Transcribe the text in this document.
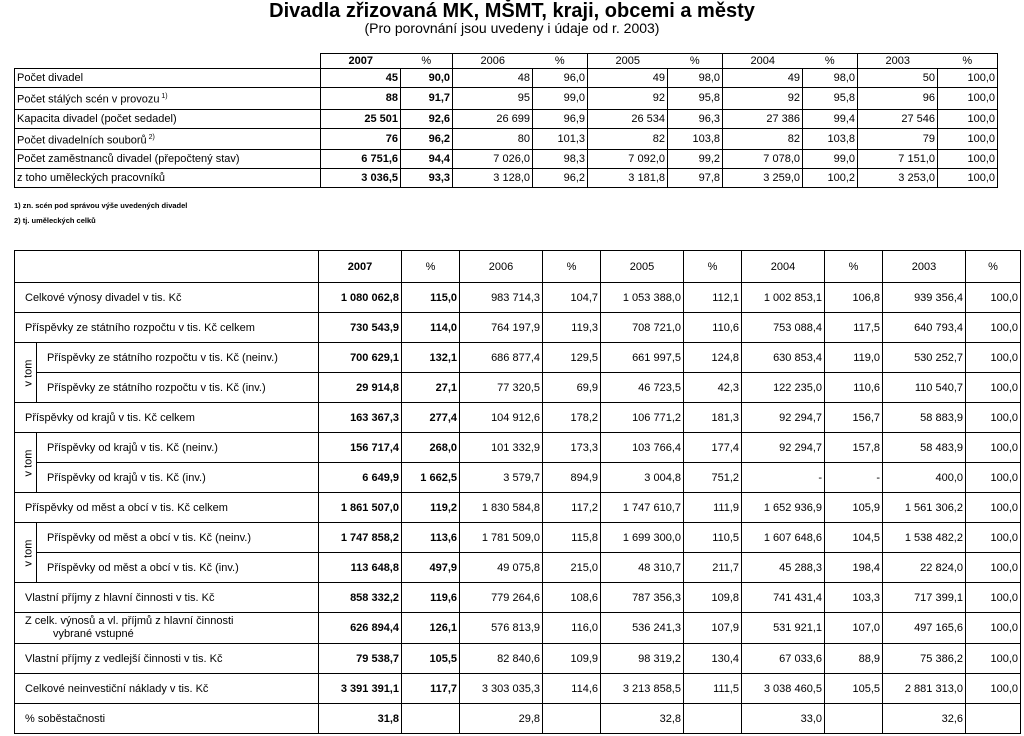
Divadla zřizovaná MK, MŠMT, kraji, obcemi a městy
(Pro porovnání jsou uvedeny i údaje od r. 2003)
	2007	%	2006	%	2005	%	2004	%	2003	%
Počet divadel	45	90,0	48	96,0	49	98,0	49	98,0	50	100,0
Počet stálých scén v provozu $^{1)}$	88	91,7	95	99,0	92	95,8	92	95,8	96	100,0
Kapacita divadel (počet sedadel)	25 501	92,6	26 699	96,9	26 534	96,3	27 386	99,4	27 546	100,0
Počet divadelních souborů $^{2)}$	76	96,2	80	101,3	82	103,8	82	103,8	79	100,0
Počet zaměstnanců divadel (přepočtený stav)	6 751,6	94,4	7 026,0	98,3	7 092,0	99,2	7 078,0	99,0	7 151,0	100,0
z toho uměleckých pracovníků	3 036,5	93,3	3 128,0	96,2	3 181,8	97,8	3 259,0	100,2	3 253,0	100,0
1) zn. scén pod správou výše uvedených divadel
2) tj. uměleckých celků
		2007	%	2006	%	2005	%	2004	%	2003	%

Celkové výnosy divadel v tis. Kč		1 080 062,8	115,0	983 714,3	104,7	1 053 388,0	112,1	1 002 853,1	106,8	939 356,4	100,0

Příspěvky ze státního rozpočtu v tis. Kč celkem		730 543,9	114,0	764 197,9	119,3	708 721,0	110,6	753 088,4	117,5	640 793,4	100,0
v tom	Příspěvky ze státního rozpočtu v tis. Kč (neinv.)	700 629,1	132,1	686 877,4	129,5	661 997,5	124,8	630 853,4	119,0	530 252,7	100,0
	Příspěvky ze státního rozpočtu v tis. Kč (inv.)	29 914,8	27,1	77 320,5	69,9	46 723,5	42,3	122 235,0	110,6	110 540,7	100,0

Příspěvky od krajů v tis. Kč celkem		163 367,3	277,4	104 912,6	178,2	106 771,2	181,3	92 294,7	156,7	58 883,9	100,0
v tom	Příspěvky od krajů v tis. Kč (neinv.)	156 717,4	268,0	101 332,9	173,3	103 766,4	177,4	92 294,7	157,8	58 483,9	100,0
	Příspěvky od krajů v tis. Kč (inv.)	6 649,9	1 662,5	3 579,7	894,9	3 004,8	751,2	-	-	400,0	100,0

Příspěvky od měst a obcí v tis. Kč celkem		1 861 507,0	119,2	1 830 584,8	117,2	1 747 610,7	111,9	1 652 936,9	105,9	1 561 306,2	100,0
v tom	Příspěvky od měst a obcí v tis. Kč (neinv.)	1 747 858,2	113,6	1 781 509,0	115,8	1 699 300,0	110,5	1 607 648,6	104,5	1 538 482,2	100,0
	Příspěvky od měst a obcí v tis. Kč (inv.)	113 648,8	497,9	49 075,8	215,0	48 310,7	211,7	45 288,3	198,4	22 824,0	100,0

Vlastní příjmy z hlavní činnosti v tis. Kč		858 332,2	119,6	779 264,6	108,6	787 356,3	109,8	741 431,4	103,3	717 399,1	100,0

Z celk. výnosů a vl. příjmů z hlavní činnosti
vybrané vstupné		626 894,4	126,1	576 813,9	116,0	536 241,3	107,9	531 921,1	107,0	497 165,6	100,0

Vlastní příjmy z vedlejší činnosti v tis. Kč		79 538,7	105,5	82 840,6	109,9	98 319,2	130,4	67 033,6	88,9	75 386,2	100,0

Celkové neinvestiční náklady v tis. Kč		3 391 391,1	117,7	3 303 035,3	114,6	3 213 858,5	111,5	3 038 460,5	105,5	2 881 313,0	100,0

% soběstačnosti		31,8		29,8		32,8		33,0		32,6	
